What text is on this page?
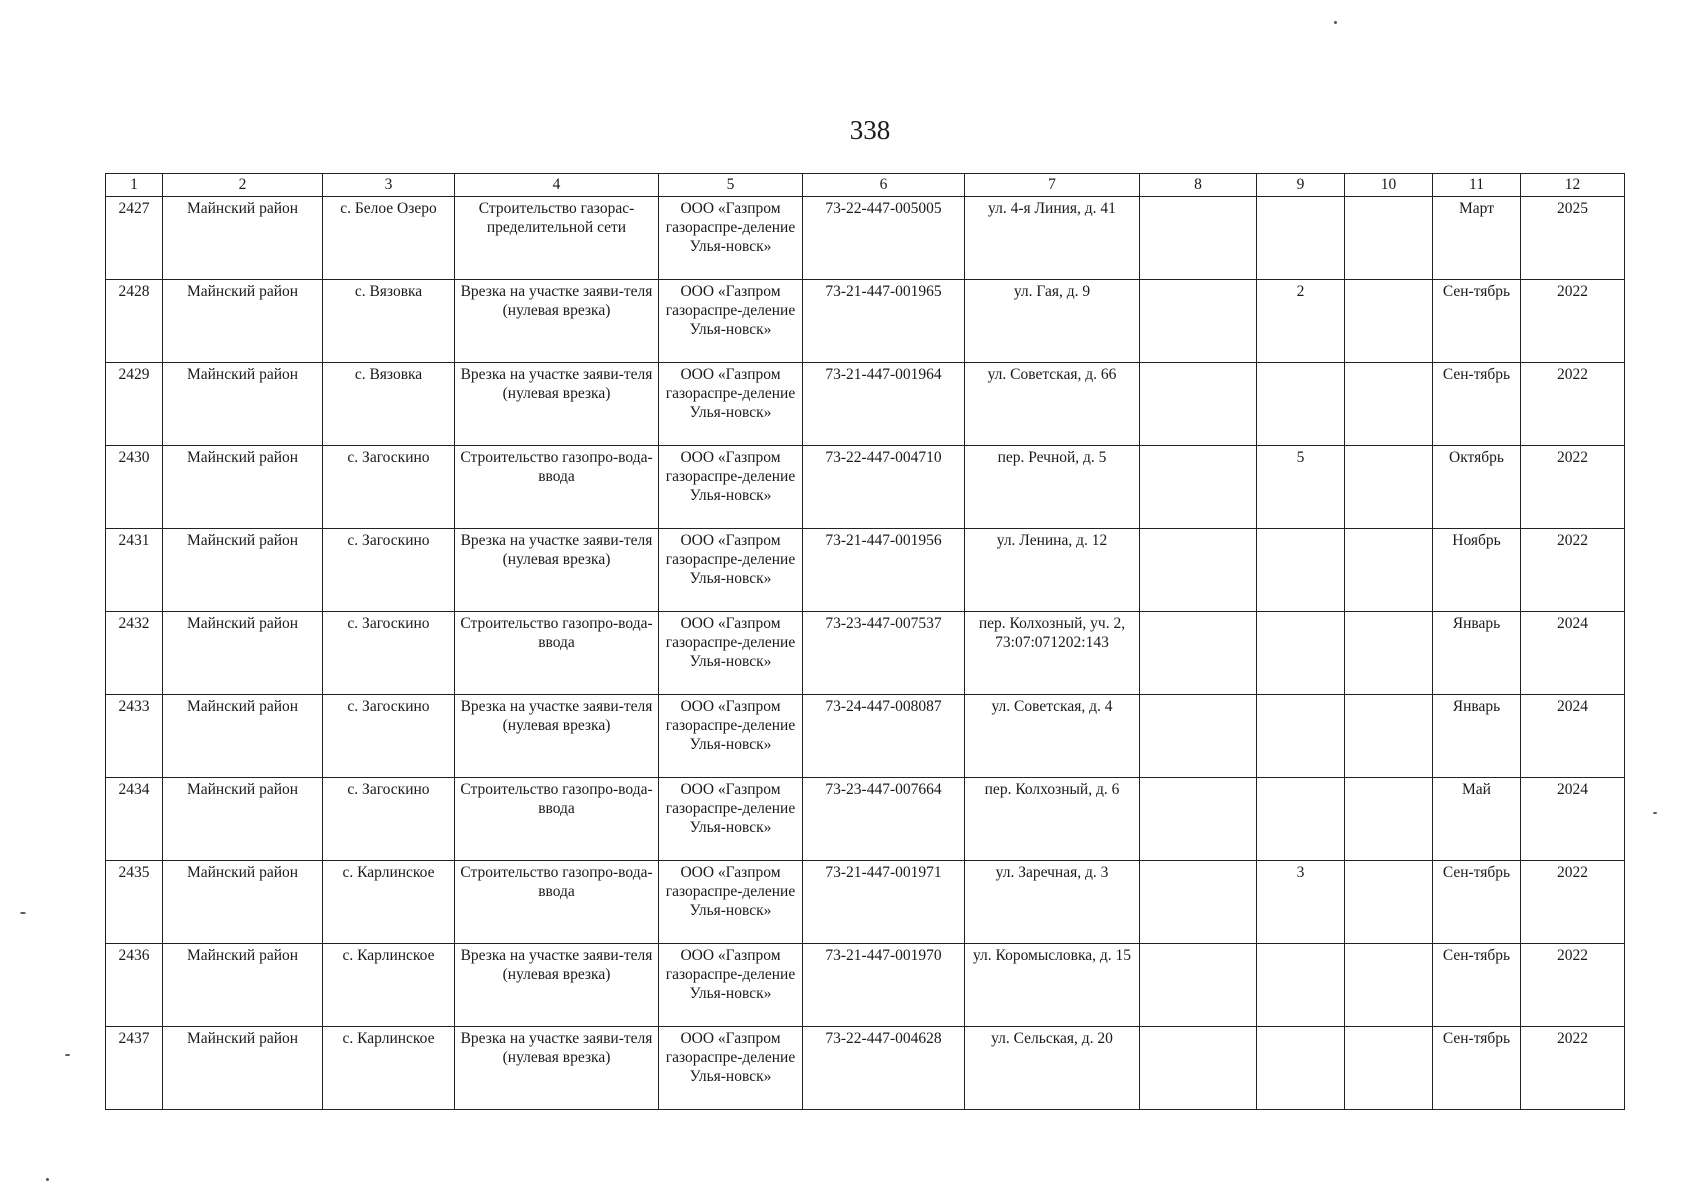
338
1	2	3	4	5	6	7	8	9	10	11	12
2427	Майнский район	с. Белое Озеро	Строительство газорас-пределительной сети	ООО «Газпром газораспре-деление Улья-новск»	73-22-447-005005	ул. 4-я Линия, д. 41				Март	2025
2428	Майнский район	с. Вязовка	Врезка на участке заяви-теля (нулевая врезка)	ООО «Газпром газораспре-деление Улья-новск»	73-21-447-001965	ул. Гая, д. 9		2		Сен-тябрь	2022
2429	Майнский район	с. Вязовка	Врезка на участке заяви-теля (нулевая врезка)	ООО «Газпром газораспре-деление Улья-новск»	73-21-447-001964	ул. Советская, д. 66				Сен-тябрь	2022
2430	Майнский район	с. Загоскино	Строительство газопро-вода-ввода	ООО «Газпром газораспре-деление Улья-новск»	73-22-447-004710	пер. Речной, д. 5		5		Октябрь	2022
2431	Майнский район	с. Загоскино	Врезка на участке заяви-теля (нулевая врезка)	ООО «Газпром газораспре-деление Улья-новск»	73-21-447-001956	ул. Ленина, д. 12				Ноябрь	2022
2432	Майнский район	с. Загоскино	Строительство газопро-вода-ввода	ООО «Газпром газораспре-деление Улья-новск»	73-23-447-007537	пер. Колхозный, уч. 2, 73:07:071202:143				Январь	2024
2433	Майнский район	с. Загоскино	Врезка на участке заяви-теля (нулевая врезка)	ООО «Газпром газораспре-деление Улья-новск»	73-24-447-008087	ул. Советская, д. 4				Январь	2024
2434	Майнский район	с. Загоскино	Строительство газопро-вода-ввода	ООО «Газпром газораспре-деление Улья-новск»	73-23-447-007664	пер. Колхозный, д. 6				Май	2024
2435	Майнский район	с. Карлинское	Строительство газопро-вода-ввода	ООО «Газпром газораспре-деление Улья-новск»	73-21-447-001971	ул. Заречная, д. 3		3		Сен-тябрь	2022
2436	Майнский район	с. Карлинское	Врезка на участке заяви-теля (нулевая врезка)	ООО «Газпром газораспре-деление Улья-новск»	73-21-447-001970	ул. Коромысловка, д. 15				Сен-тябрь	2022
2437	Майнский район	с. Карлинское	Врезка на участке заяви-теля (нулевая врезка)	ООО «Газпром газораспре-деление Улья-новск»	73-22-447-004628	ул. Сельская, д. 20				Сен-тябрь	2022
